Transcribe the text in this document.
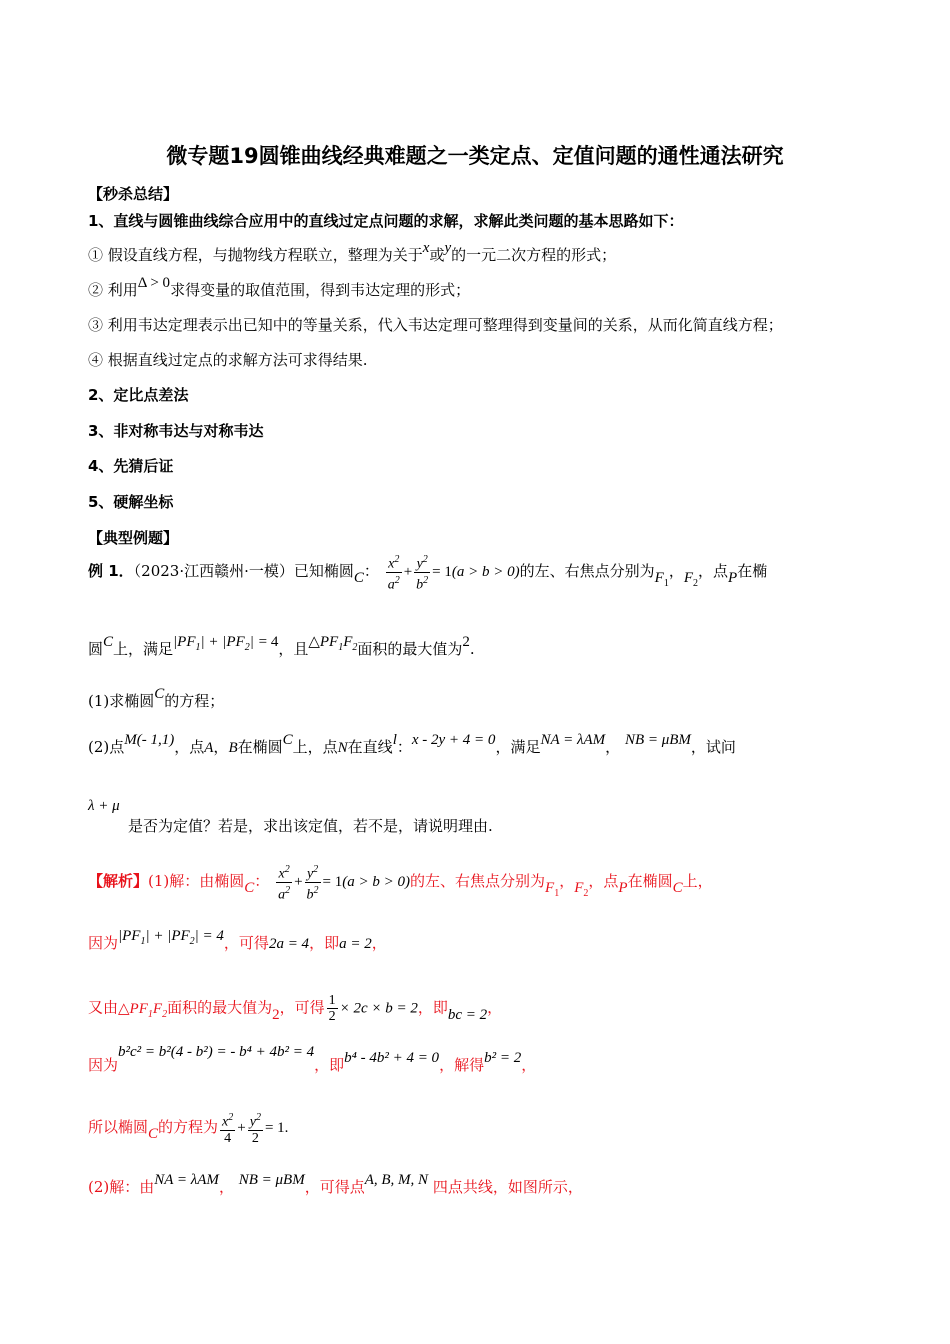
微专题19圆锥曲线经典难题之一类定点、定值问题的通性通法研究
【秒杀总结】
1、直线与圆锥曲线综合应用中的直线过定点问题的求解，求解此类问题的基本思路如下：
① 假设直线方程，与抛物线方程联立，整理为关于x或y的一元二次方程的形式；
② 利用Δ > 0求得变量的取值范围，得到韦达定理的形式；
③ 利用韦达定理表示出已知中的等量关系，代入韦达定理可整理得到变量间的关系，从而化简直线方程；
④ 根据直线过定点的求解方法可求得结果.
2、定比点差法
3、非对称韦达与对称韦达
4、先猜后证
5、硬解坐标
【典型例题】
例 1．（2023·江西赣州·一模）已知椭圆C： $\frac{x^2}{a^2} + \frac{y^2}{b^2} = 1(a > b > 0)$的左、右焦点分别为$F_1$，$F_2$，点P在椭
圆C上，满足$|PF_1| + |PF_2| = 4$，且$\triangle PF_1F_2$面积的最大值为2.
(1)求椭圆C的方程；
(2)点M(- 1,1)，点A，B在椭圆C上，点N在直线l：x - 2y + 4 = 0，满足NA = λAM， NB = μBM，试问
λ + μ
是否为定值？若是，求出该定值，若不是，请说明理由.
【解析】(1)解：由椭圆C： $\frac{x^2}{a^2} + \frac{y^2}{b^2} = 1(a > b > 0)$的左、右焦点分别为$F_1$，$F_2$，点P在椭圆C上，
因为$|PF_1| + |PF_2| = 4$，可得2a = 4，即a = 2，
又由$\triangle PF_1F_2$面积的最大值为2，可得 $\frac{1}{2} \times 2c \times b = 2$，即bc = 2，
因为b²c² = b²(4 - b²) = - b⁴ + 4b² = 4，即b⁴ - 4b² + 4 = 0，解得b² = 2，
所以椭圆C的方程为 $\frac{x^2}{4} + \frac{y^2}{2} = 1$.
(2)解：由NA = λAM， NB = μBM，可得点A, B, M, N 四点共线，如图所示，
